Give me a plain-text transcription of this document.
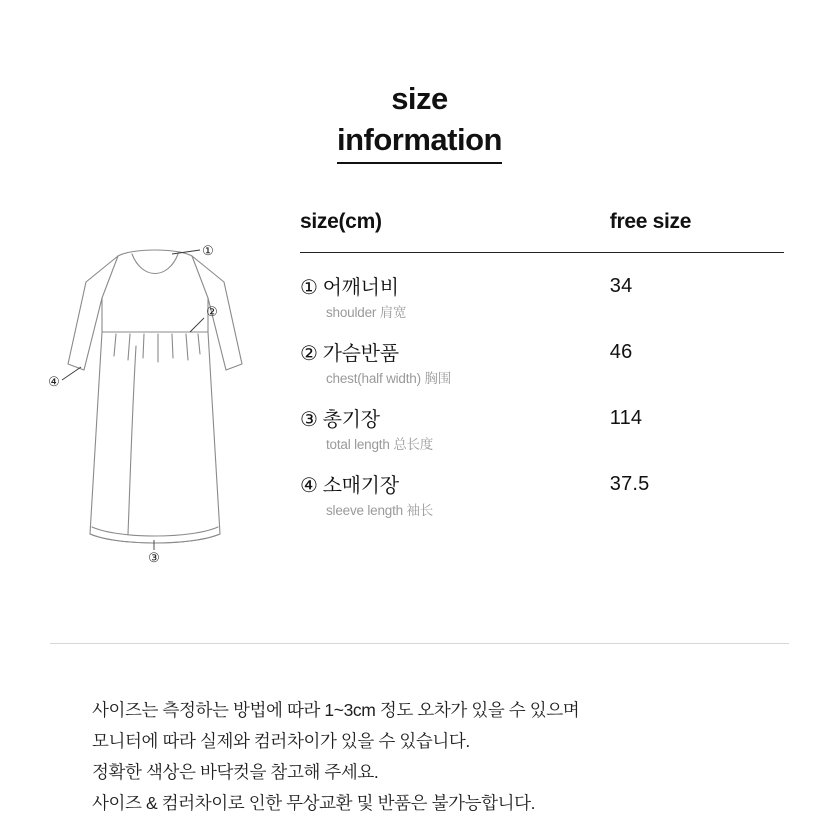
size
information
①
②
④
③
size(cm)	free size

① 어깨너비
shoulder 肩宽	34

② 가슴반품
chest(half width) 胸围	46

③ 총기장
total length 总长度	114

④ 소매기장
sleeve length 袖长	37.5

사이즈는 측정하는 방법에 따라 1~3cm 정도 오차가 있을 수 있으며

모니터에 따라 실제와 컴러차이가 있을 수 있습니다.

정확한 색상은 바닥컷을 참고해 주세요.

사이즈 & 컴러차이로 인한 무상교환 및 반품은 불가능합니다.
